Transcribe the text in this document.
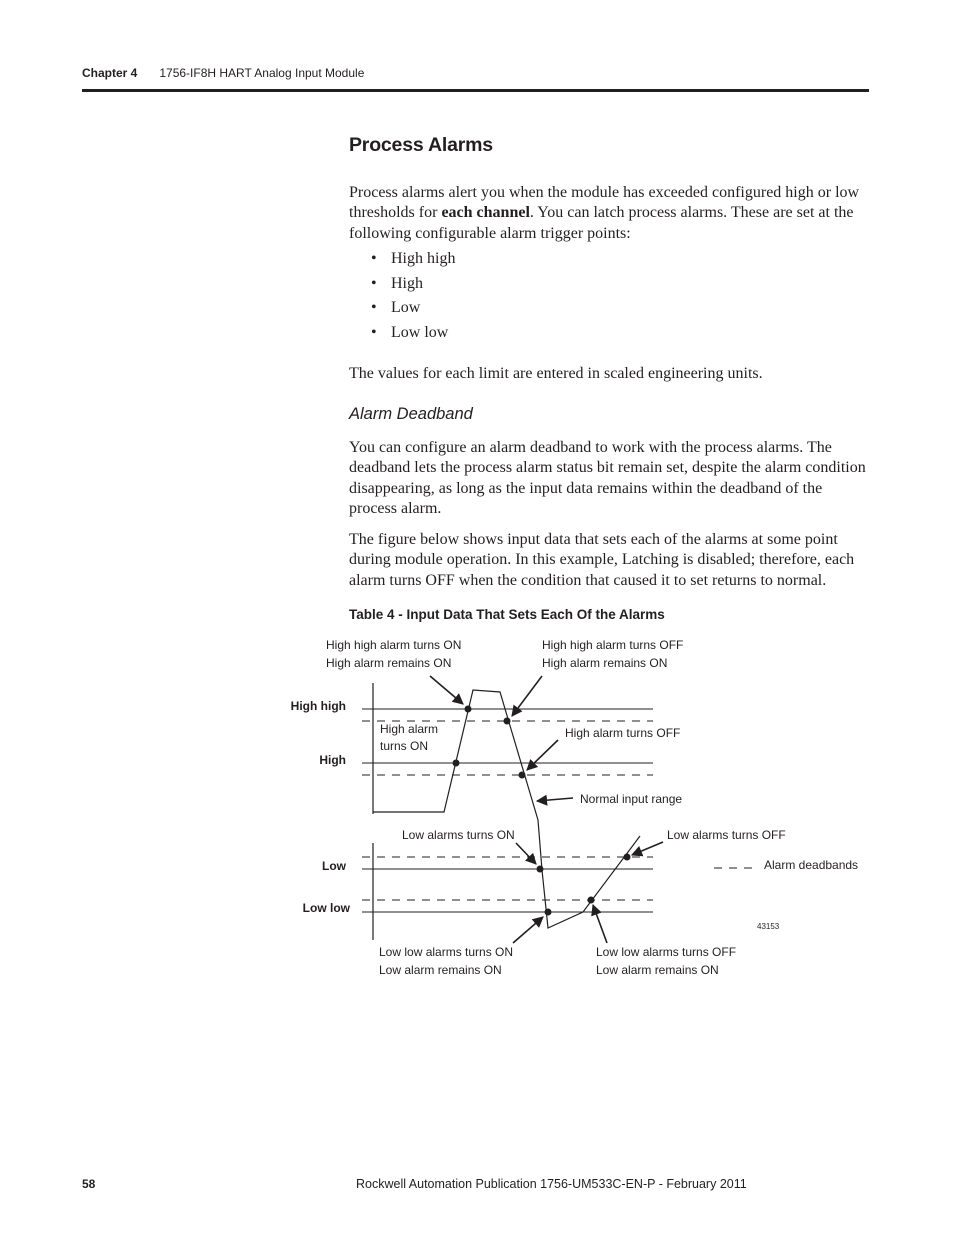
Chapter 4 1756-IF8H HART Analog Input Module
Process Alarms

Process alarms alert you when the module has exceeded configured high or low thresholds for each channel. You can latch process alarms. These are set at the following configurable alarm trigger points:

• High high
• High
• Low
• Low low

The values for each limit are entered in scaled engineering units.

Alarm Deadband

You can configure an alarm deadband to work with the process alarms. The deadband lets the process alarm status bit remain set, despite the alarm condition disappearing, as long as the input data remains within the deadband of the process alarm.

The figure below shows input data that sets each of the alarms at some point during module operation. In this example, Latching is disabled; therefore, each alarm turns OFF when the condition that caused it to set returns to normal.

Table 4 - Input Data That Sets Each Of the Alarms
High high
High
Low
Low low
High high alarm turns ON
High alarm remains ON
High high alarm turns OFF
High alarm remains ON
High alarm
turns ON
High alarm turns OFF
Normal input range
Low alarms turns ON	Low alarms turns OFF
Alarm deadbands
43153
Low low alarms turns ON
Low alarm remains ON
Low low alarms turns OFF
Low alarm remains ON
58	Rockwell Automation Publication 1756-UM533C-EN-P - February 2011
